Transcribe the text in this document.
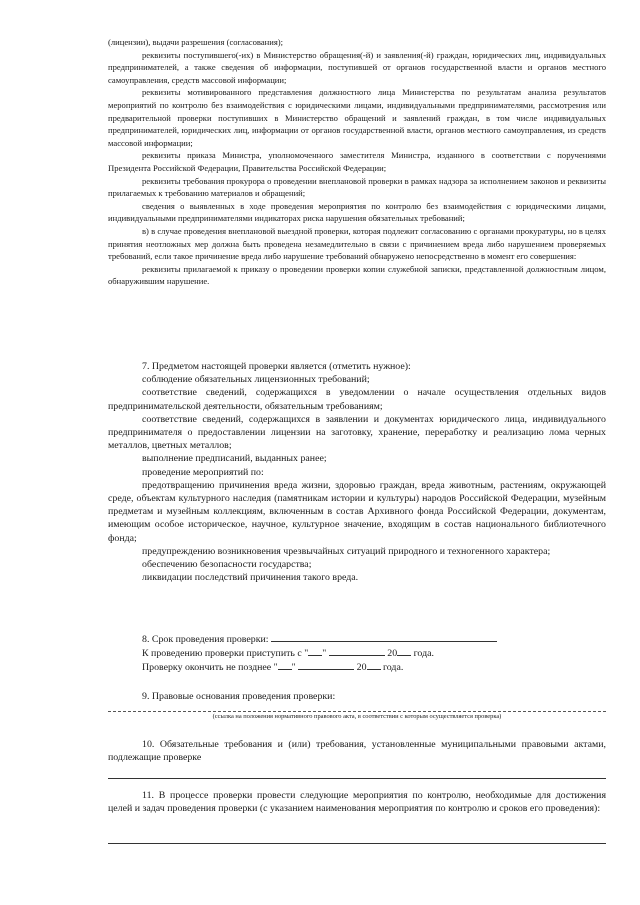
(лицензии), выдачи разрешения (согласования);

реквизиты поступившего(-их) в Министерство обращения(-й) и заявления(-й) граждан, юридических лиц, индивидуальных предпринимателей, а также сведения об информации, поступившей от органов государственной власти и органов местного самоуправления, средств массовой информации;

реквизиты мотивированного представления должностного лица Министерства по результатам анализа результатов мероприятий по контролю без взаимодействия с юридическими лицами, индивидуальными предпринимателями, рассмотрения или предварительной проверки поступивших в Министерство обращений и заявлений граждан, в том числе индивидуальных предпринимателей, юридических лиц, информации от органов государственной власти, органов местного самоуправления, из средств массовой информации;

реквизиты приказа Министра, уполномоченного заместителя Министра, изданного в соответствии с поручениями Президента Российской Федерации, Правительства Российской Федерации;

реквизиты требования прокурора о проведении внеплановой проверки в рамках надзора за исполнением законов и реквизиты прилагаемых к требованию материалов и обращений;

сведения о выявленных в ходе проведения мероприятия по контролю без взаимодействия с юридическими лицами, индивидуальными предпринимателями индикаторах риска нарушения обязательных требований;

в) в случае проведения внеплановой выездной проверки, которая подлежит согласованию с органами прокуратуры, но в целях принятия неотложных мер должна быть проведена незамедлительно в связи с причинением вреда либо нарушением проверяемых требований, если такое причинение вреда либо нарушение требований обнаружено непосредственно в момент его совершения:

реквизиты прилагаемой к приказу о проведении проверки копии служебной записки, представленной должностным лицом, обнаружившим нарушение.

7. Предметом настоящей проверки является (отметить нужное):

соблюдение обязательных лицензионных требований;

соответствие сведений, содержащихся в уведомлении о начале осуществления отдельных видов предпринимательской деятельности, обязательным требованиям;

соответствие сведений, содержащихся в заявлении и документах юридического лица, индивидуального предпринимателя о предоставлении лицензии на заготовку, хранение, переработку и реализацию лома черных металлов, цветных металлов;

выполнение предписаний, выданных ранее;

проведение мероприятий по:

предотвращению причинения вреда жизни, здоровью граждан, вреда животным, растениям, окружающей среде, объектам культурного наследия (памятникам истории и культуры) народов Российской Федерации, музейным предметам и музейным коллекциям, включенным в состав Архивного фонда Российской Федерации, документам, имеющим особое историческое, научное, культурное значение, входящим в состав национального библиотечного фонда;

предупреждению возникновения чрезвычайных ситуаций природного и техногенного характера;

обеспечению безопасности государства;

ликвидации последствий причинения такого вреда.

8. Срок проведения проверки:

К проведению проверки приступить с " "	20 года.

Проверку окончить не позднее " "	20 года.

9. Правовые основания проведения проверки:

(ссылка на положения нормативного правового акта, в соответствии с которым осуществляется проверка)

10. Обязательные требования и (или) требования, установленные муниципальными правовыми актами, подлежащие проверке

11. В процессе проверки провести следующие мероприятия по контролю, необходимые для достижения целей и задач проведения проверки (с указанием наименования мероприятия по контролю и сроков его проведения):
